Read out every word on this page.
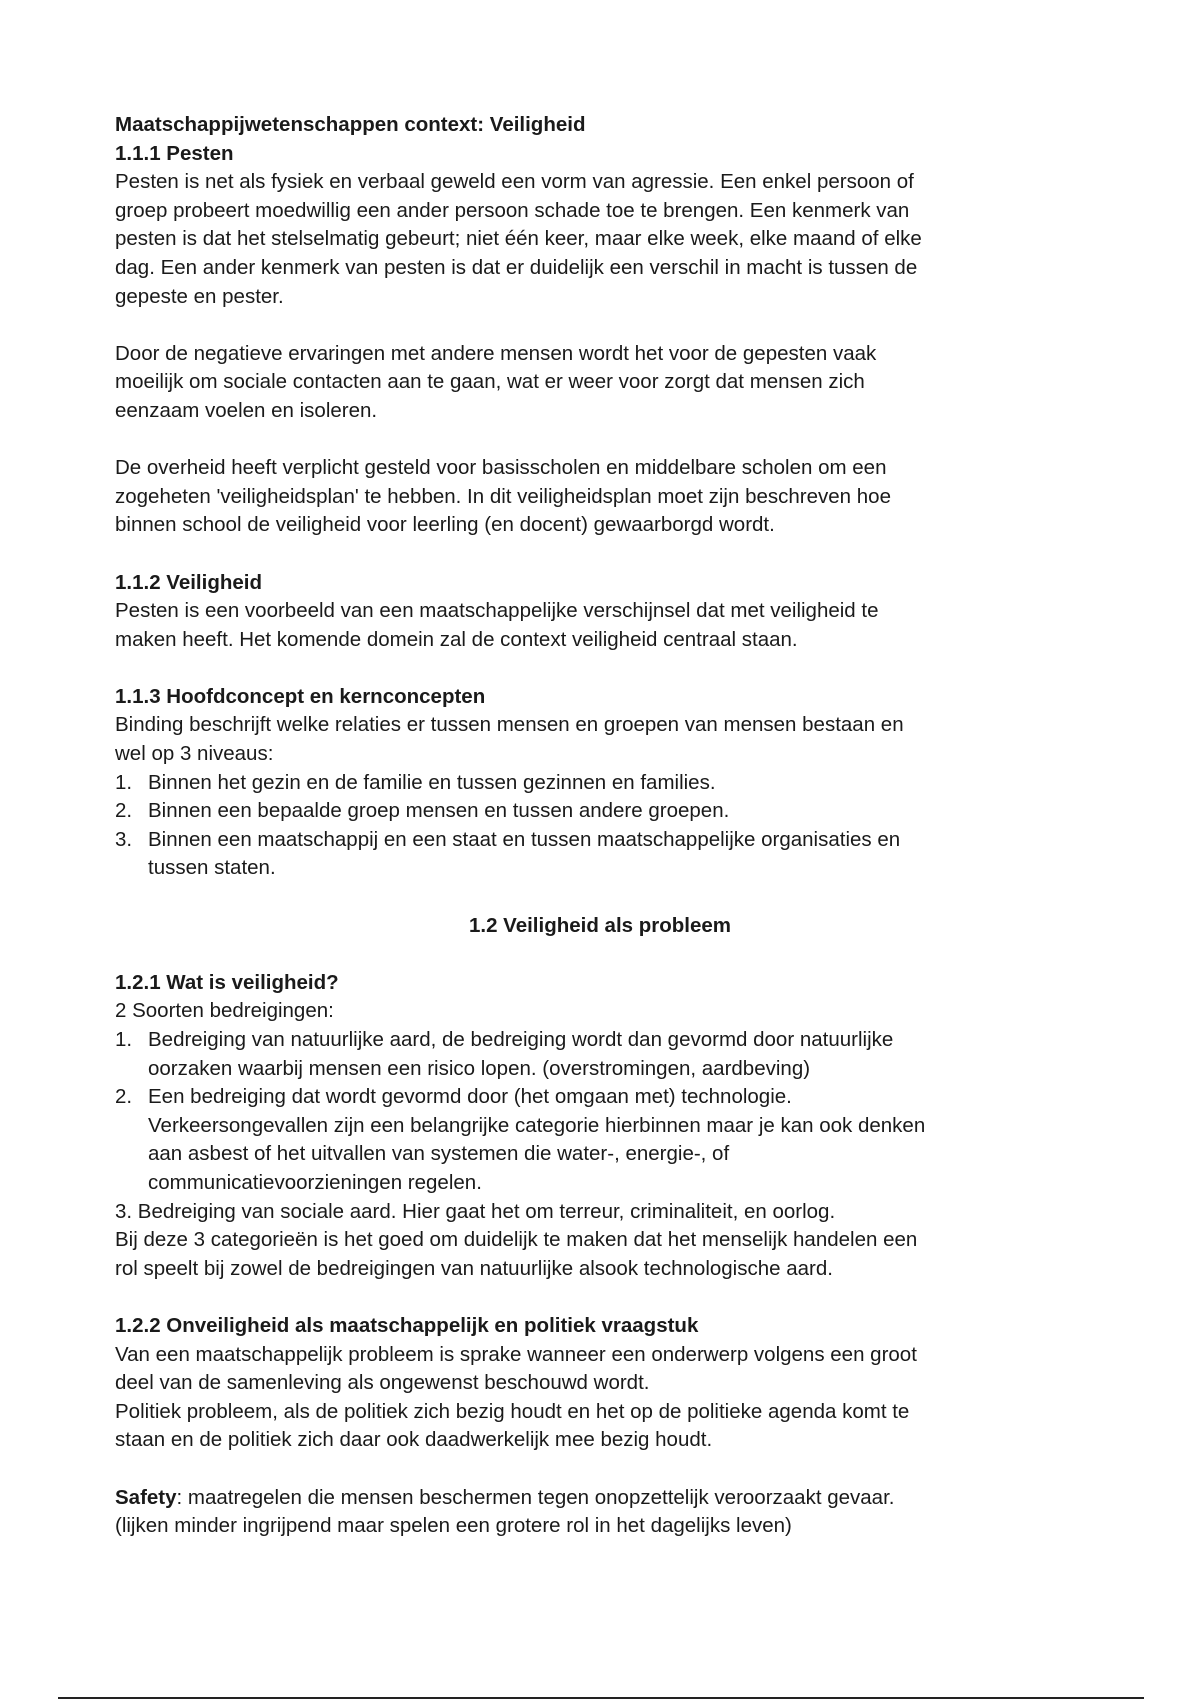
Maatschappijwetenschappen context: Veiligheid

1.1.1 Pesten

Pesten is net als fysiek en verbaal geweld een vorm van agressie. Een enkel persoon of

groep probeert moedwillig een ander persoon schade toe te brengen. Een kenmerk van

pesten is dat het stelselmatig gebeurt; niet één keer, maar elke week, elke maand of elke

dag. Een ander kenmerk van pesten is dat er duidelijk een verschil in macht is tussen de

gepeste en pester.

Door de negatieve ervaringen met andere mensen wordt het voor de gepesten vaak

moeilijk om sociale contacten aan te gaan, wat er weer voor zorgt dat mensen zich

eenzaam voelen en isoleren.

De overheid heeft verplicht gesteld voor basisscholen en middelbare scholen om een

zogeheten 'veiligheidsplan' te hebben. In dit veiligheidsplan moet zijn beschreven hoe

binnen school de veiligheid voor leerling (en docent) gewaarborgd wordt.

1.1.2 Veiligheid

Pesten is een voorbeeld van een maatschappelijke verschijnsel dat met veiligheid te

maken heeft. Het komende domein zal de context veiligheid centraal staan.

1.1.3 Hoofdconcept en kernconcepten

Binding beschrijft welke relaties er tussen mensen en groepen van mensen bestaan en

wel op 3 niveaus:

1. Binnen het gezin en de familie en tussen gezinnen en families.

2. Binnen een bepaalde groep mensen en tussen andere groepen.

3. Binnen een maatschappij en een staat en tussen maatschappelijke organisaties en

tussen staten.

1.2 Veiligheid als probleem

1.2.1 Wat is veiligheid?

2 Soorten bedreigingen:

1. Bedreiging van natuurlijke aard, de bedreiging wordt dan gevormd door natuurlijke

oorzaken waarbij mensen een risico lopen. (overstromingen, aardbeving)

2. Een bedreiging dat wordt gevormd door (het omgaan met) technologie.

Verkeersongevallen zijn een belangrijke categorie hierbinnen maar je kan ook denken

aan asbest of het uitvallen van systemen die water-, energie-, of

communicatievoorzieningen regelen.

3. Bedreiging van sociale aard. Hier gaat het om terreur, criminaliteit, en oorlog.

Bij deze 3 categorieën is het goed om duidelijk te maken dat het menselijk handelen een

rol speelt bij zowel de bedreigingen van natuurlijke alsook technologische aard.

1.2.2 Onveiligheid als maatschappelijk en politiek vraagstuk

Van een maatschappelijk probleem is sprake wanneer een onderwerp volgens een groot

deel van de samenleving als ongewenst beschouwd wordt.

Politiek probleem, als de politiek zich bezig houdt en het op de politieke agenda komt te

staan en de politiek zich daar ook daadwerkelijk mee bezig houdt.

Safety: maatregelen die mensen beschermen tegen onopzettelijk veroorzaakt gevaar.

(lijken minder ingrijpend maar spelen een grotere rol in het dagelijks leven)
